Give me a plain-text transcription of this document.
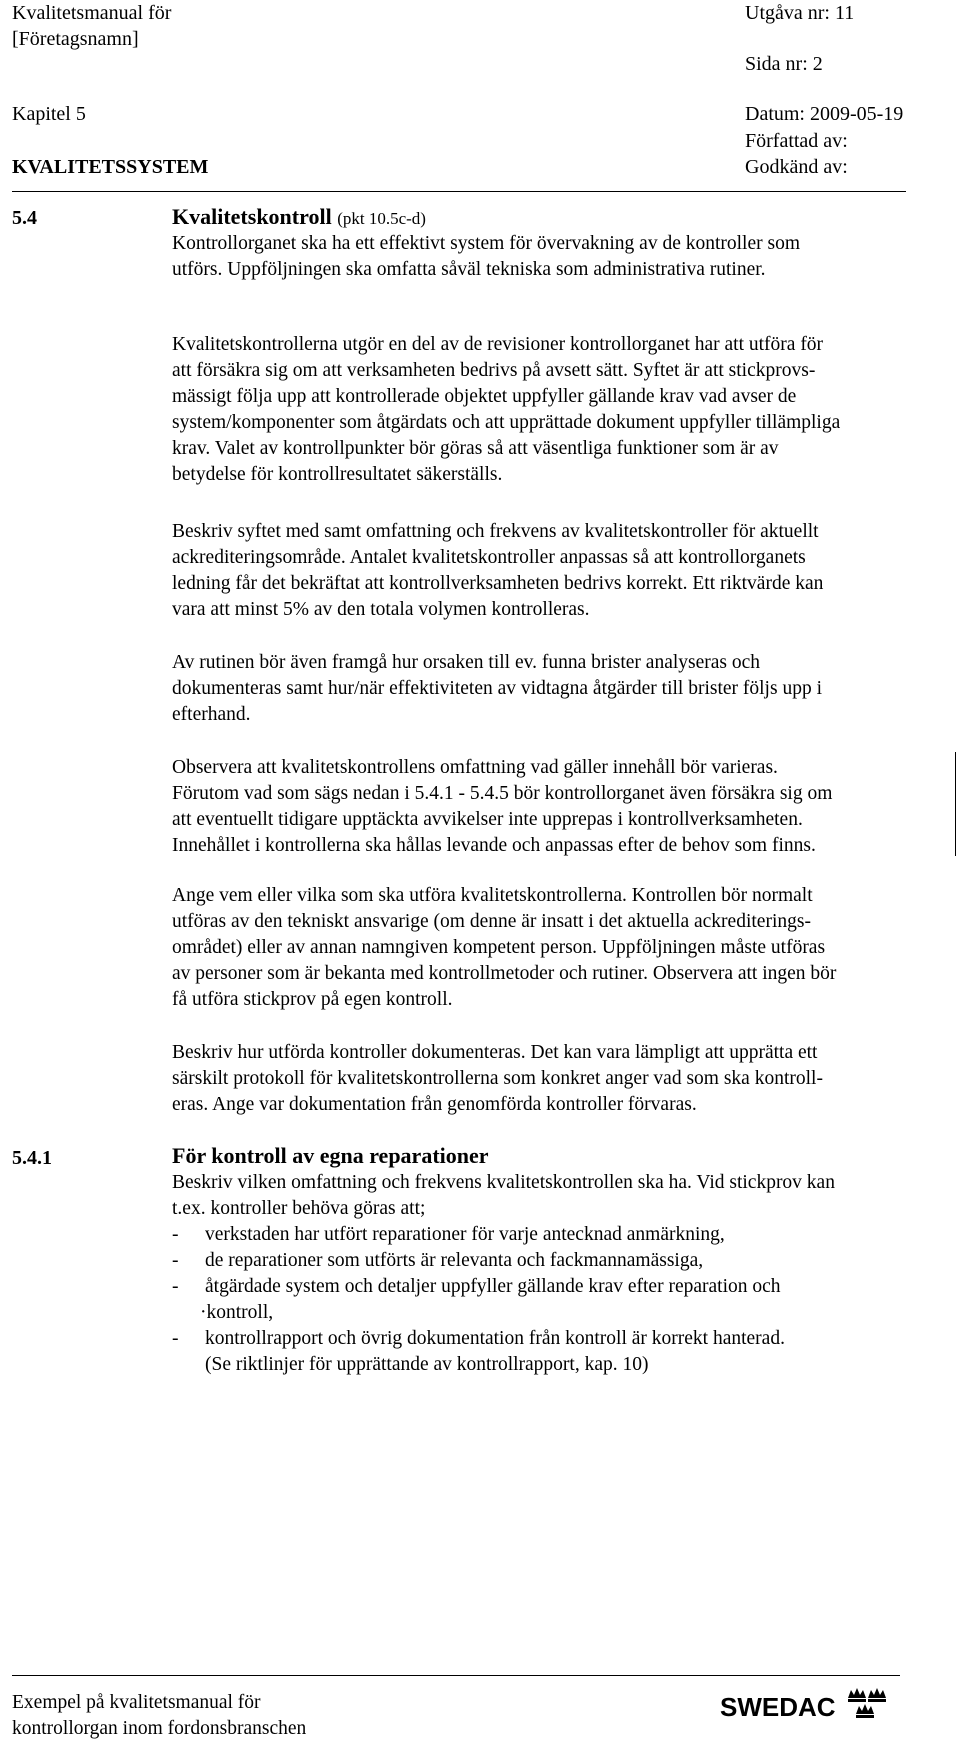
Kvalitetsmanual för
[Företagsnamn]
Kapitel 5
KVALITETSSYSTEM
Utgåva nr: 11
Sida nr: 2
Datum: 2009-05-19
Författad av:
Godkänd av:
5.4	Kvalitetskontroll (pkt 10.5c-d)
Kontrollorganet ska ha ett effektivt system för övervakning av de kontroller som
utförs. Uppföljningen ska omfatta såväl tekniska som administrativa rutiner.
Kvalitetskontrollerna utgör en del av de revisioner kontrollorganet har att utföra för
att försäkra sig om att verksamheten bedrivs på avsett sätt. Syftet är att stickprovs-
mässigt följa upp att kontrollerade objektet uppfyller gällande krav vad avser de
system/komponenter som åtgärdats och att upprättade dokument uppfyller tillämpliga
krav. Valet av kontrollpunkter bör göras så att väsentliga funktioner som är av
betydelse för kontrollresultatet säkerställs.
Beskriv syftet med samt omfattning och frekvens av kvalitetskontroller för aktuellt
ackrediteringsområde. Antalet kvalitetskontroller anpassas så att kontrollorganets
ledning får det bekräftat att kontrollverksamheten bedrivs korrekt. Ett riktvärde kan
vara att minst 5% av den totala volymen kontrolleras.
Av rutinen bör även framgå hur orsaken till ev. funna brister analyseras och
dokumenteras samt hur/när effektiviteten av vidtagna åtgärder till brister följs upp i
efterhand.
Observera att kvalitetskontrollens omfattning vad gäller innehåll bör varieras.
Förutom vad som sägs nedan i 5.4.1 - 5.4.5 bör kontrollorganet även försäkra sig om
att eventuellt tidigare upptäckta avvikelser inte upprepas i kontrollverksamheten.
Innehållet i kontrollerna ska hållas levande och anpassas efter de behov som finns.
Ange vem eller vilka som ska utföra kvalitetskontrollerna. Kontrollen bör normalt
utföras av den tekniskt ansvarige (om denne är insatt i det aktuella ackrediterings-
området) eller av annan namngiven kompetent person. Uppföljningen måste utföras
av personer som är bekanta med kontrollmetoder och rutiner. Observera att ingen bör
få utföra stickprov på egen kontroll.
Beskriv hur utförda kontroller dokumenteras. Det kan vara lämpligt att upprätta ett
särskilt protokoll för kvalitetskontrollerna som konkret anger vad som ska kontroll-
eras. Ange var dokumentation från genomförda kontroller förvaras.
5.4.1	För kontroll av egna reparationer
Beskriv vilken omfattning och frekvens kvalitetskontrollen ska ha. Vid stickprov kan
t.ex. kontroller behöva göras att;
- verkstaden har utfört reparationer för varje antecknad anmärkning,
- de reparationer som utförts är relevanta och fackmannamässiga,
- åtgärdade system och detaljer uppfyller gällande krav efter reparation och
·kontroll,
- kontrollrapport och övrig dokumentation från kontroll är korrekt hanterad.
(Se riktlinjer för upprättande av kontrollrapport, kap. 10)
Exempel på kvalitetsmanual för
kontrollorgan inom fordonsbranschen
SWEDAC
